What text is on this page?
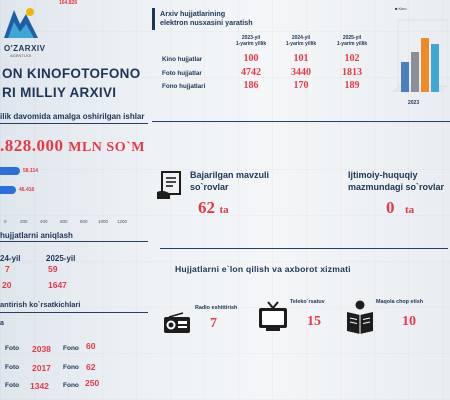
O'ZARXIV
AGENTLIGI
ON KINOFOTOFONO
RI MILLIY ARXIVI
ilik davomida amalga oshirilgan ishlar
.828.000 MLN SO`M
164.828
58.114
46.416
0	200	400	600	800 1000 1200
hujjatlarni aniqlash
24-yil	2025-yil
7	59
20	1647
antirish ko`rsatkichlari
a
Foto 2038 Fono 60
Foto 2017 Fono 62
Foto 1342 Fono 250
Arxiv hujjatlarining
elektron nusxasini yaratish
2023-yil
1-yarim yillik
2024-yil
1-yarim yillik
2025-yil
1-yarim yillik
Kino hujjatlar	100	101	102
Foto hujjatlar	4742	3440	1813
Fono hujjatlari	186	170	189
■ Kino
2023
Bajarilgan mavzuli
so`rovlar
62 ta
Ijtimoiy-huquqiy
mazmundagi so`rovlar
0 ta
Hujjatlarni e`lon qilish va axborot xizmati
Radio eshittirish
7
Teleko`rsatuv
15
Maqola chop etish
10
